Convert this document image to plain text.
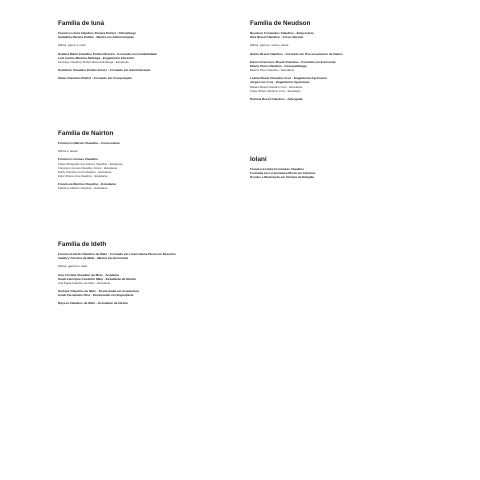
Família de Iuná

Francisco Iuná Claudino Pereira Pulitot - Odontólogo

Sodalinia Pereira Pulitot - Mestre em Administração

Filhos, genro e neto:

Soliana Maria Claudino Pulitot Moreira - Formada em Contabilidade

Luiz Carlos Moreira Nóbrega - Engenheiro Florestal

Henrique Claudino Pulitot Moreira Nóbrega - Estudante

Solidônio Claudino Pulitot Júnior - Formado em Administração

Sânio Claudino Pulitot - Formado em Computação

Família de Nairton

Francisco Nairton Claudino - Comerciante

Filhos e netos:

Francisco Gomes Claudino

Felipe Margarido dos Santos Claudino - Estudante

Francisco Gomes Claudino Júnior - Estudante

Emily Carolina Lima Claudino - Estudante

Erlei Vitória Lima Claudino - Estudante

Francisca Martins Claudino - Estudante

Kathlene Martins Claudino - Estudante

Família de Ideth

Francisca Ideth Claudino de Melo - Formada em Licenciatura Plena em Desenho

Valdecy Ferreira de Melo - Mestre em Economia

Filhos, genros e neta:

Ana Cristina Claudino de Melo - Arquiteta

Paulo Henrique Coutinho Melo - Estudante de Direito

Ana Paula Claudino de Melo - Estudante

Gerlane Claudino de Melo - Doutoranda em Arquitetura

Israel Fernandes Pina - Doutorando em Engenharia

Rayssa Claudino de Melo - Estudante de Direito

Família de Neudson

Neudson Fernandes Claudino - Empresário

Elza Brasil Claudino - Curso Normal

Filhos, genros, nora e netos:

Hélsio Brasil Claudino - Formado em Processamento de Dados

Edson Francisco Brasil Claudino - Formado em Economia

Eliane Pires Claudino - Fonoaudióloga

Beatriz Pires Claudino - Estudante

Letícia Brasil Claudino Cruz - Engenheira Agrônoma

Jorge Luiz Cruz - Engenheiro Agrônomo

Mateus Brasil Claudino Cruz - Estudante

Felipe Brasil Claudino Cruz - Estudante

Patrícia Brasil Claudino - Advogada

Iolani

Francisca Iolani Fernandes Claudino

Formada em Licenciatura Plena em Ciências

Sociais e Mestranda em Ciência da Religião
